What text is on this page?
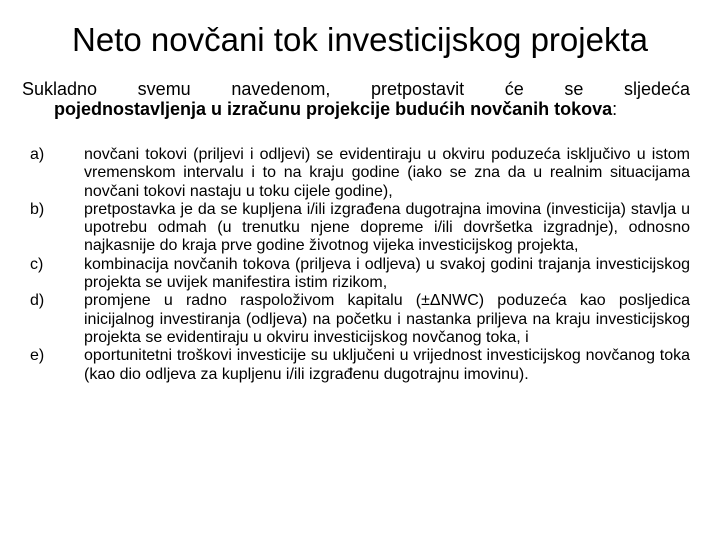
Neto novčani tok investicijskog projekta
Sukladno svemu navedenom, pretpostavit će se sljedeća
pojednostavljenja u izračunu projekcije budućih novčanih tokova:
a)	novčani tokovi (priljevi i odljevi) se evidentiraju u okviru poduzeća isključivo u istom vremenskom intervalu i to na kraju godine (iako se zna da u realnim situacijama novčani tokovi nastaju u toku cijele godine),
b)	pretpostavka je da se kupljena i/ili izgrađena dugotrajna imovina (investicija) stavlja u upotrebu odmah (u trenutku njene dopreme i/ili dovršetka izgradnje), odnosno najkasnije do kraja prve godine životnog vijeka investicijskog projekta,
c)	kombinacija novčanih tokova (priljeva i odljeva) u svakoj godini trajanja investicijskog projekta se uvijek manifestira istim rizikom,
d)	promjene u radno raspoloživom kapitalu (±ΔNWC) poduzeća kao posljedica inicijalnog investiranja (odljeva) na početku i nastanka priljeva na kraju investicijskog projekta se evidentiraju u okviru investicijskog novčanog toka, i
e)	oportunitetni troškovi investicije su uključeni u vrijednost investicijskog novčanog toka (kao dio odljeva za kupljenu i/ili izgrađenu dugotrajnu imovinu).
